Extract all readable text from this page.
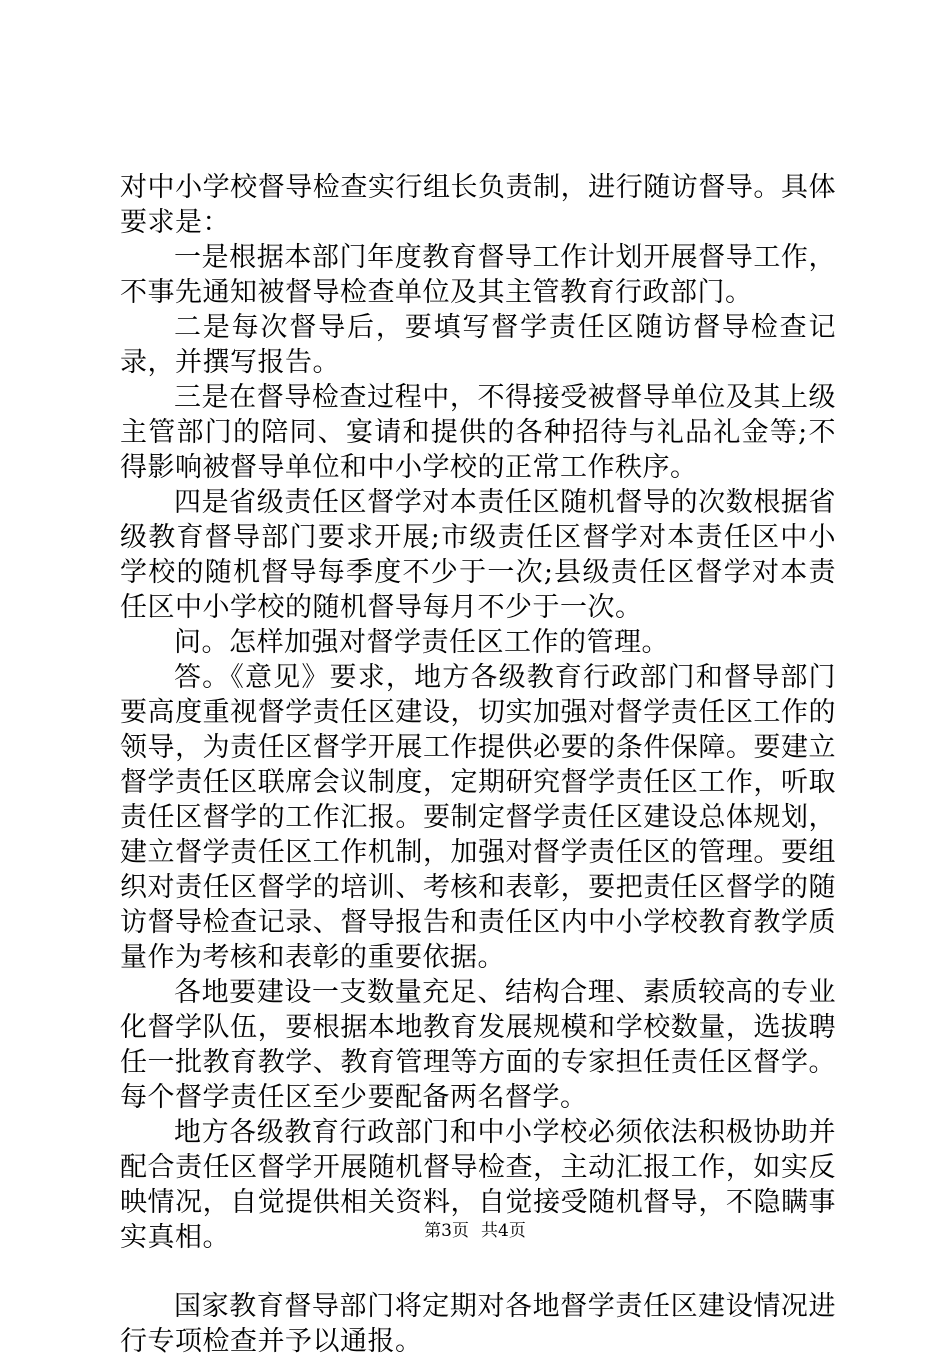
对中小学校督导检查实行组长负责制，进行随访督导。具体要求是：

一是根据本部门年度教育督导工作计划开展督导工作，不事先通知被督导检查单位及其主管教育行政部门。

二是每次督导后，要填写督学责任区随访督导检查记录，并撰写报告。

三是在督导检查过程中，不得接受被督导单位及其上级主管部门的陪同、宴请和提供的各种招待与礼品礼金等;不得影响被督导单位和中小学校的正常工作秩序。

四是省级责任区督学对本责任区随机督导的次数根据省级教育督导部门要求开展;市级责任区督学对本责任区中小学校的随机督导每季度不少于一次;县级责任区督学对本责任区中小学校的随机督导每月不少于一次。

问。怎样加强对督学责任区工作的管理。

答。《意见》要求，地方各级教育行政部门和督导部门要高度重视督学责任区建设，切实加强对督学责任区工作的领导，为责任区督学开展工作提供必要的条件保障。要建立督学责任区联席会议制度，定期研究督学责任区工作，听取责任区督学的工作汇报。要制定督学责任区建设总体规划，建立督学责任区工作机制，加强对督学责任区的管理。要组织对责任区督学的培训、考核和表彰，要把责任区督学的随访督导检查记录、督导报告和责任区内中小学校教育教学质量作为考核和表彰的重要依据。

各地要建设一支数量充足、结构合理、素质较高的专业化督学队伍，要根据本地教育发展规模和学校数量，选拔聘任一批教育教学、教育管理等方面的专家担任责任区督学。每个督学责任区至少要配备两名督学。

地方各级教育行政部门和中小学校必须依法积极协助并配合责任区督学开展随机督导检查，主动汇报工作，如实反映情况，自觉提供相关资料，自觉接受随机督导，不隐瞒事实真相。

国家教育督导部门将定期对各地督学责任区建设情况进行专项检查并予以通报。

第3页 共4页
